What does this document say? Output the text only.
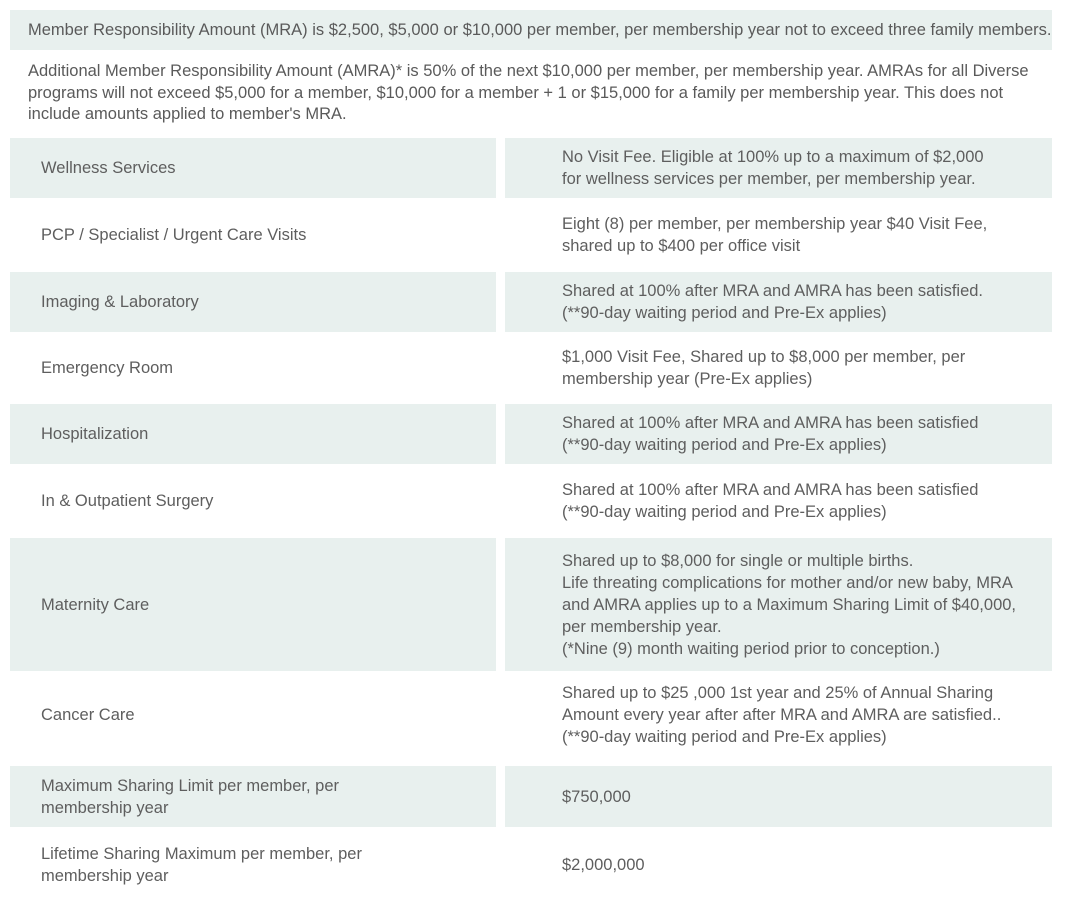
Member Responsibility Amount (MRA) is $2,500, $5,000 or $10,000 per member, per membership year not to exceed three family members.
Additional Member Responsibility Amount (AMRA)* is 50% of the next $10,000 per member, per membership year. AMRAs for all Diverse programs will not exceed $5,000 for a member, $10,000 for a member + 1 or $15,000 for a family per membership year. This does not include amounts applied to member's MRA.
Wellness Services
No Visit Fee. Eligible at 100% up to a maximum of $2,000
for wellness services per member, per membership year.
PCP / Specialist / Urgent Care Visits
Eight (8) per member, per membership year $40 Visit Fee,
shared up to $400 per office visit
Imaging & Laboratory
Shared at 100% after MRA and AMRA has been satisfied.
(**90-day waiting period and Pre-Ex applies)
Emergency Room
$1,000 Visit Fee, Shared up to $8,000 per member, per
membership year (Pre-Ex applies)
Hospitalization
Shared at 100% after MRA and AMRA has been satisfied
(**90-day waiting period and Pre-Ex applies)
In & Outpatient Surgery
Shared at 100% after MRA and AMRA has been satisfied
(**90-day waiting period and Pre-Ex applies)
Maternity Care
Shared up to $8,000 for single or multiple births.
Life threating complications for mother and/or new baby, MRA
and AMRA applies up to a Maximum Sharing Limit of $40,000,
per membership year.
(*Nine (9) month waiting period prior to conception.)
Cancer Care
Shared up to $25 ,000 1st year and 25% of Annual Sharing
Amount every year after after MRA and AMRA are satisfied..
(**90-day waiting period and Pre-Ex applies)
Maximum Sharing Limit per member, per membership year
$750,000
Lifetime Sharing Maximum per member, per membership year
$2,000,000
